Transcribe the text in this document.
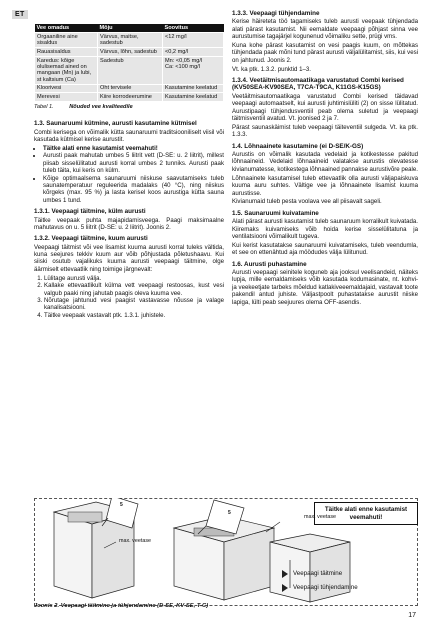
ET
Vee omadus	Mõju	Soovitus
Orgaaniline aine sisaldus	Värvus, maitse, sadestub	<12 mg/l
Rauasisaldus	Värvus, lõhn, sadestub	<0,2 mg/l
Karedus: kõige olulisemad ained on mangaan (Mn) ja lubi, st kaltsium (Ca)	Sadestub	Mn: <0,05 mg/l
Ca: <100 mg/l
Kloorivesi	Oht tervisele	Kasutamine keelatud
Merevesi	Kiire korrodeerumine	Kasutamine keelatud
Tabel 1.	Nõuded vee kvaliteedile
1.3. Saunaruumi kütmine, aurusti kasutamine kütmisel

Combi kerisega on võimalik kütta saunaruumi traditsiooniliselt viisil või kasutada kütmisel kerise aurustit.

• Täitke alati enne kasutamist veemahuti!
• Aurusti paak mahutab umbes 5 liitrit vett (D-SE: u. 2 liitrit), millest piisab sisselülitatud aurusti korral umbes 2 tunniks. Aurusti paak tuleb täita, kui keris on külm.
• Kõige optimaalsema saunaruumi niiskuse saavutamiseks tuleb saunatemperatuur reguleerida madalaks (40 °C), ning niiskus kõrgeks (max. 95 %) ja lasta kerisel koos aurustiga kütta sauna umbes 1 tund.
1.3.1. Veepaagi täitmine, külm aurusti

Täitke veepaak puhta majapidamisveega. Paagi maksimaalne mahutavus on u. 5 liitrit (D-SE: u. 2 liitrit). Joonis 2.

1.3.2. Veepaagi täitmine, kuum aurusti

Veepaagi täitmist või vee lisamist kuuma aurusti korral tuleks vältida, kuna seejures tekkiv kuum aur võib põhjustada põletushaavu. Kui siiski osutub vajalikuks kuuma aurusti veepaagi täitmine, olge äärmiselt ettevaatlik ning toimige järgnevalt:

1. Lülitage aurusti välja.
2. Kallake ettevaatlikult külma vett veepaagi restoosas, kust vesi valgub paaki ning jahutab paagis oleva kuuma vee.
3. Nõrutage jahtunud vesi paagist vastavasse nõusse ja valage kanalisatsiooni.
4. Täitke veepaak vastavalt ptk. 1.3.1. juhistele.
1.3.3. Veepaagi tühjendamine

Kerise häireteta töö tagamiseks tuleb aurusti veepaak tühjendada alati pärast kasutamist. Nii eemaldate veepaagi põhjast sinna vee aurustumise tagajärjel kogunenud võimaliku sette, prügi vms.

Kuna kohe pärast kasutamist on vesi paagis kuum, on mõttekas tühjendada paak mõni tund pärast aurusti väljalülitamist, siis, kui vesi on jahtunud. Joonis 2.

Vt. ka ptk. 1.3.2. punktid 1–3.

1.3.4. Veetäitmisautomaatikaga varustatud Combi kerised (KV50SEA-KV90SEA, T7CA-T9CA, K11GS-K15GS)

Veetäitmisautomaatikaga varustatud Combi kerised täidavad veepaagi automaatselt, kui aurusti juhtimislüliti (2) on sisse lülitatud. Aurustipaagi tühjendusventiil peab olema suletud ja veepaagi täitmisventiil avatud. Vt. joonised 2 ja 7.

Pärast saunaskäimist tuleb veepaagi täiteventiil sulgeda. Vt. ka ptk. 1.3.3.

1.4. Lõhnaainete kasutamine (ei D-SE/K-GS)

Aurustis on võimalik kasutada vedelaid ja kotikestesse pakitud lõhnaaineid. Vedelaid lõhnaaineid valatakse aurustis olevatesse kivianumatesse, kotikestega lõhnaained pannakse aurustivõre peale.

Lõhnaainete kasutamisel tuleb ettevaatlik olla aurusti väljapaiskuva kuuma auru suhtes. Vältige vee ja lõhnaainete lisamist kuuma aurustisse.

Kivianumaid tuleb pesta voolava vee all piisavalt sageli.

1.5. Saunaruumi kuivatamine

Alati pärast aurusti kasutamist tuleb saunaruum korralikult kuivatada. Kiiremaks kuivamiseks võib hoida kerise sisselülitatuna ja ventilatsiooni võimalikult tugeva.

Kui kerist kasutatakse saunaruumi kuivatamiseks, tuleb veendumla, et see on ettenähtud aja möödudes välja lülitunud.

1.6. Aurusti puhastamine

Aurusti veepaagi seinitele koguneb aja jooksul veelisandeid, näiteks lupja, mille eemaldamiseks võib kasutada kodumasinate, nt. kohvi- ja veekeetjate tarbeks mõeldud katlakiveeemaldajaid, vastavalt toote pakendil antud juhiste. Väljastpoolt puhastatakse aurustit niiske lapiga, lülti peab seejuures olema OFF-asendis.

Täitke alati enne kasutamist veemahuti!
max. veetase
max. veetase
5
5
Veepaagi täitmine
Veepaagi tühjendamine
Joonis 2. Veepaagi täitmine ja tühjendamine (D-SE, KV-SE, T-C)
17
